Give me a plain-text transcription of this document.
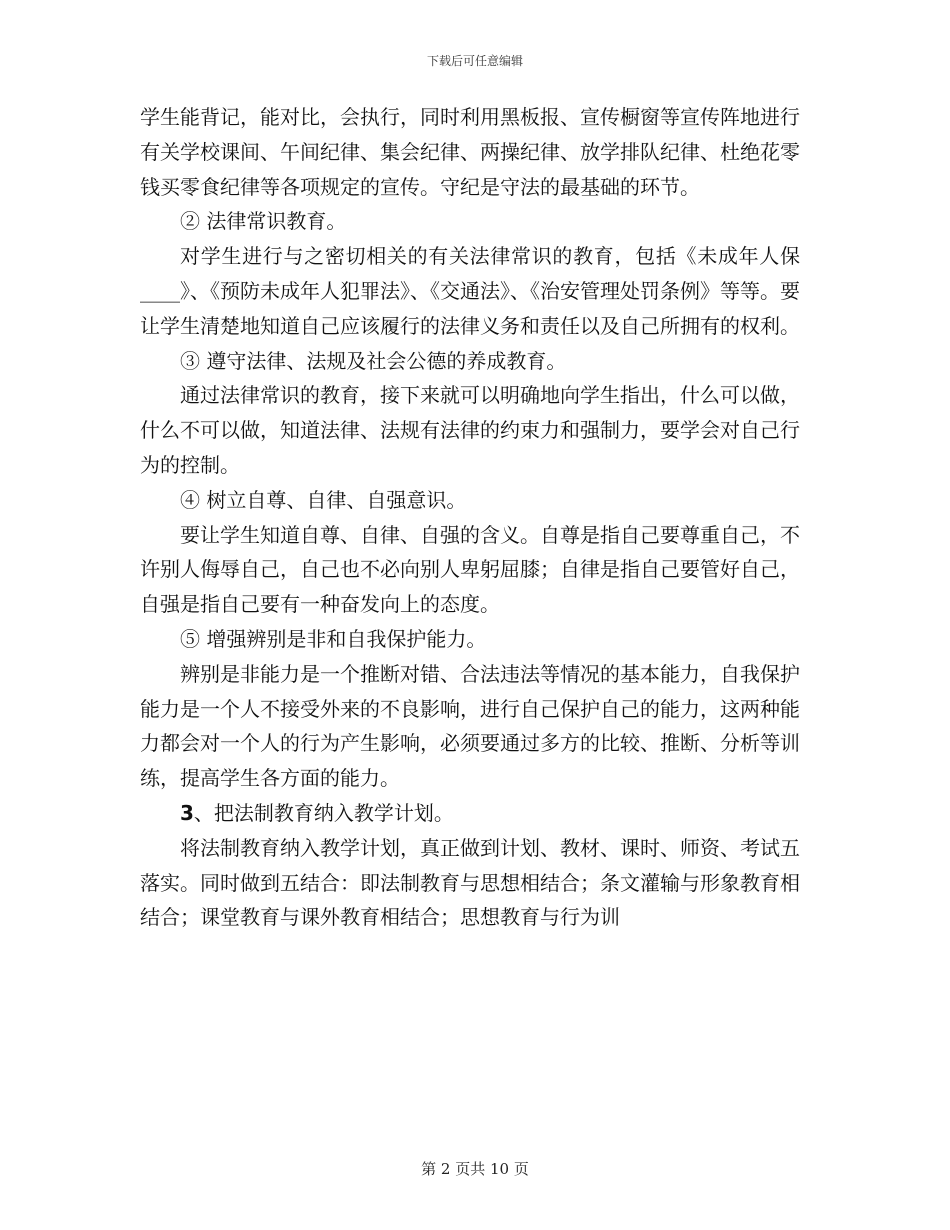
下载后可任意编辑

学生能背记，能对比，会执行，同时利用黑板报、宣传橱窗等宣传阵地进行有关学校课间、午间纪律、集会纪律、两操纪律、放学排队纪律、杜绝花零钱买零食纪律等各项规定的宣传。守纪是守法的最基础的环节。

② 法律常识教育。

对学生进行与之密切相关的有关法律常识的教育，包括《未成年人保____》、《预防未成年人犯罪法》、《交通法》、《治安管理处罚条例》等等。要让学生清楚地知道自己应该履行的法律义务和责任以及自己所拥有的权利。

③ 遵守法律、法规及社会公德的养成教育。

通过法律常识的教育，接下来就可以明确地向学生指出，什么可以做，什么不可以做，知道法律、法规有法律的约束力和强制力，要学会对自己行为的控制。

④ 树立自尊、自律、自强意识。

要让学生知道自尊、自律、自强的含义。自尊是指自己要尊重自己，不许别人侮辱自己，自己也不必向别人卑躬屈膝；自律是指自己要管好自己，自强是指自己要有一种奋发向上的态度。

⑤ 增强辨别是非和自我保护能力。

辨别是非能力是一个推断对错、合法违法等情况的基本能力，自我保护能力是一个人不接受外来的不良影响，进行自己保护自己的能力，这两种能力都会对一个人的行为产生影响，必须要通过多方的比较、推断、分析等训练，提高学生各方面的能力。

3、把法制教育纳入教学计划。

将法制教育纳入教学计划，真正做到计划、教材、课时、师资、考试五落实。同时做到五结合：即法制教育与思想相结合；条文灌输与形象教育相结合；课堂教育与课外教育相结合；思想教育与行为训

第 2 页共 10 页
